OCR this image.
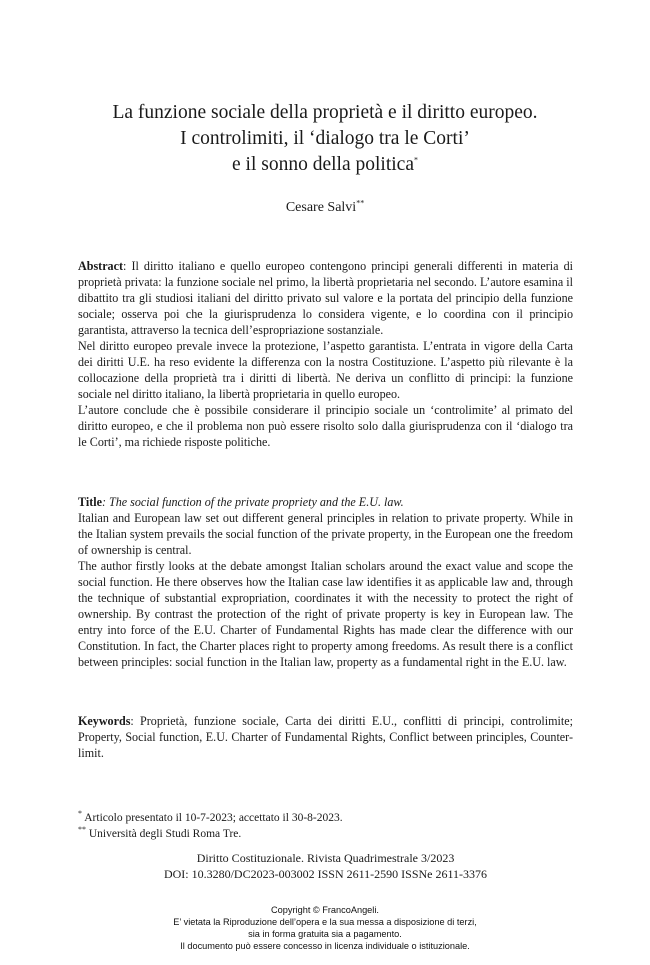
La funzione sociale della proprietà e il diritto europeo.
I controlimiti, il ‘dialogo tra le Corti’
e il sonno della politica*
Cesare Salvi**

Abstract: Il diritto italiano e quello europeo contengono principi generali differenti in materia di proprietà privata: la funzione sociale nel primo, la libertà proprietaria nel secondo. L’autore esamina il dibattito tra gli studiosi italiani del diritto privato sul valore e la portata del principio della funzione sociale; osserva poi che la giurisprudenza lo considera vigente, e lo coordina con il principio garantista, attraverso la tecnica dell’espropriazione sostanziale.

Nel diritto europeo prevale invece la protezione, l’aspetto garantista. L’entrata in vigore della Carta dei diritti U.E. ha reso evidente la differenza con la nostra Costituzione. L’aspetto più rilevante è la collocazione della proprietà tra i diritti di libertà. Ne deriva un conflitto di principi: la funzione sociale nel diritto italiano, la libertà proprietaria in quello europeo.

L’autore conclude che è possibile considerare il principio sociale un ‘controlimite’ al primato del diritto europeo, e che il problema non può essere risolto solo dalla giurisprudenza con il ‘dialogo tra le Corti’, ma richiede risposte politiche.

Title: The social function of the private propriety and the E.U. law.

Italian and European law set out different general principles in relation to private property. While in the Italian system prevails the social function of the private property, in the European one the freedom of ownership is central.

The author firstly looks at the debate amongst Italian scholars around the exact value and scope the social function. He there observes how the Italian case law identifies it as applicable law and, through the technique of substantial expropriation, coordinates it with the necessity to protect the right of ownership. By contrast the protection of the right of private property is key in European law. The entry into force of the E.U. Charter of Fundamental Rights has made clear the difference with our Constitution. In fact, the Charter places right to property among freedoms. As result there is a conflict between principles: social function in the Italian law, property as a fundamental right in the E.U. law.

Keywords: Proprietà, funzione sociale, Carta dei diritti E.U., conflitti di principi, controlimite; Property, Social function, E.U. Charter of Fundamental Rights, Conflict between principles, Counter-limit.

* Articolo presentato il 10-7-2023; accettato il 30-8-2023.

** Università degli Studi Roma Tre.

Diritto Costituzionale. Rivista Quadrimestrale 3/2023

DOI: 10.3280/DC2023-003002 ISSN 2611-2590 ISSNe 2611-3376

Copyright © FrancoAngeli.

E’ vietata la Riproduzione dell’opera e la sua messa a disposizione di terzi,

sia in forma gratuita sia a pagamento.

Il documento può essere concesso in licenza individuale o istituzionale.
